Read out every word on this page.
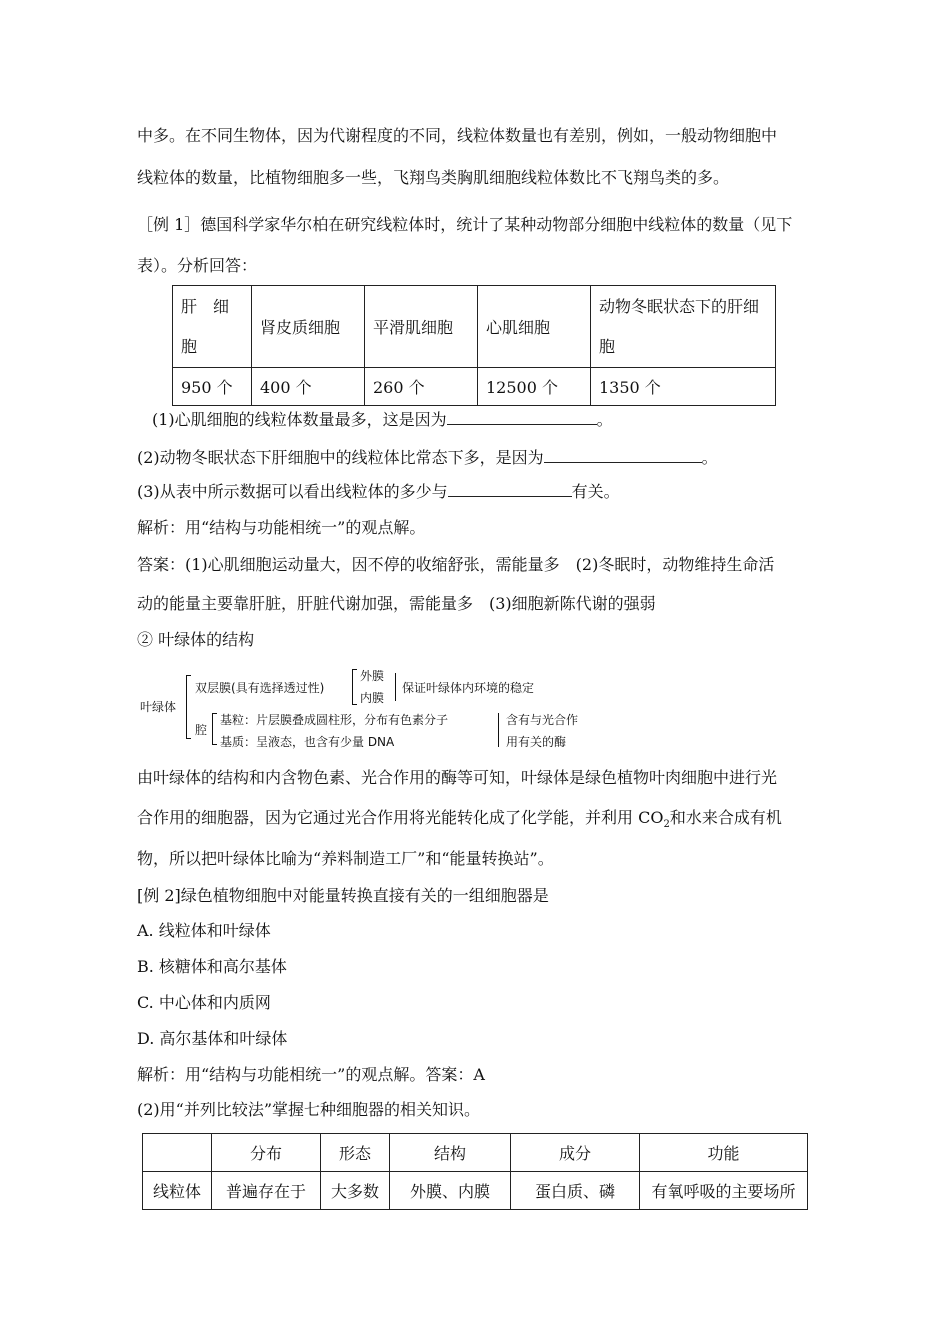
中多。在不同生物体，因为代谢程度的不同，线粒体数量也有差别，例如，一般动物细胞中
线粒体的数量，比植物细胞多一些，飞翔鸟类胸肌细胞线粒体数比不飞翔鸟类的多。
［例 1］德国科学家华尔柏在研究线粒体时，统计了某种动物部分细胞中线粒体的数量（见下
表）。分析回答：
肝　细胞	肾皮质细胞	平滑肌细胞	心肌细胞	动物冬眠状态下的肝细胞
950 个	400 个	260 个	12500 个	1350 个
(1)心肌细胞的线粒体数量最多，这是因为	。
(2)动物冬眠状态下肝细胞中的线粒体比常态下多，是因为	。
(3)从表中所示数据可以看出线粒体的多少与	有关。
解析：用“结构与功能相统一”的观点解。
答案：(1)心肌细胞运动量大，因不停的收缩舒张，需能量多　(2)冬眠时，动物维持生命活
动的能量主要靠肝脏，肝脏代谢加强，需能量多　(3)细胞新陈代谢的强弱
② 叶绿体的结构
叶绿体
双层膜(具有选择透过性)
外膜
内膜
保证叶绿体内环境的稳定
腔
基粒：片层膜叠成圆柱形，分布有色素分子
基质：呈液态，也含有少量 DNA
含有与光合作
用有关的酶
由叶绿体的结构和内含物色素、光合作用的酶等可知，叶绿体是绿色植物叶肉细胞中进行光
合作用的细胞器，因为它通过光合作用将光能转化成了化学能，并利用 $CO_2$和水来合成有机
物，所以把叶绿体比喻为“养料制造工厂”和“能量转换站”。
[例 2]绿色植物细胞中对能量转换直接有关的一组细胞器是
A. 线粒体和叶绿体
B. 核糖体和高尔基体
C. 中心体和内质网
D. 高尔基体和叶绿体
解析：用“结构与功能相统一”的观点解。答案：A
(2)用“并列比较法”掌握七种细胞器的相关知识。
	分布	形态	结构	成分	功能
线粒体	普遍存在于	大多数	外膜、内膜	蛋白质、磷	有氧呼吸的主要场所
